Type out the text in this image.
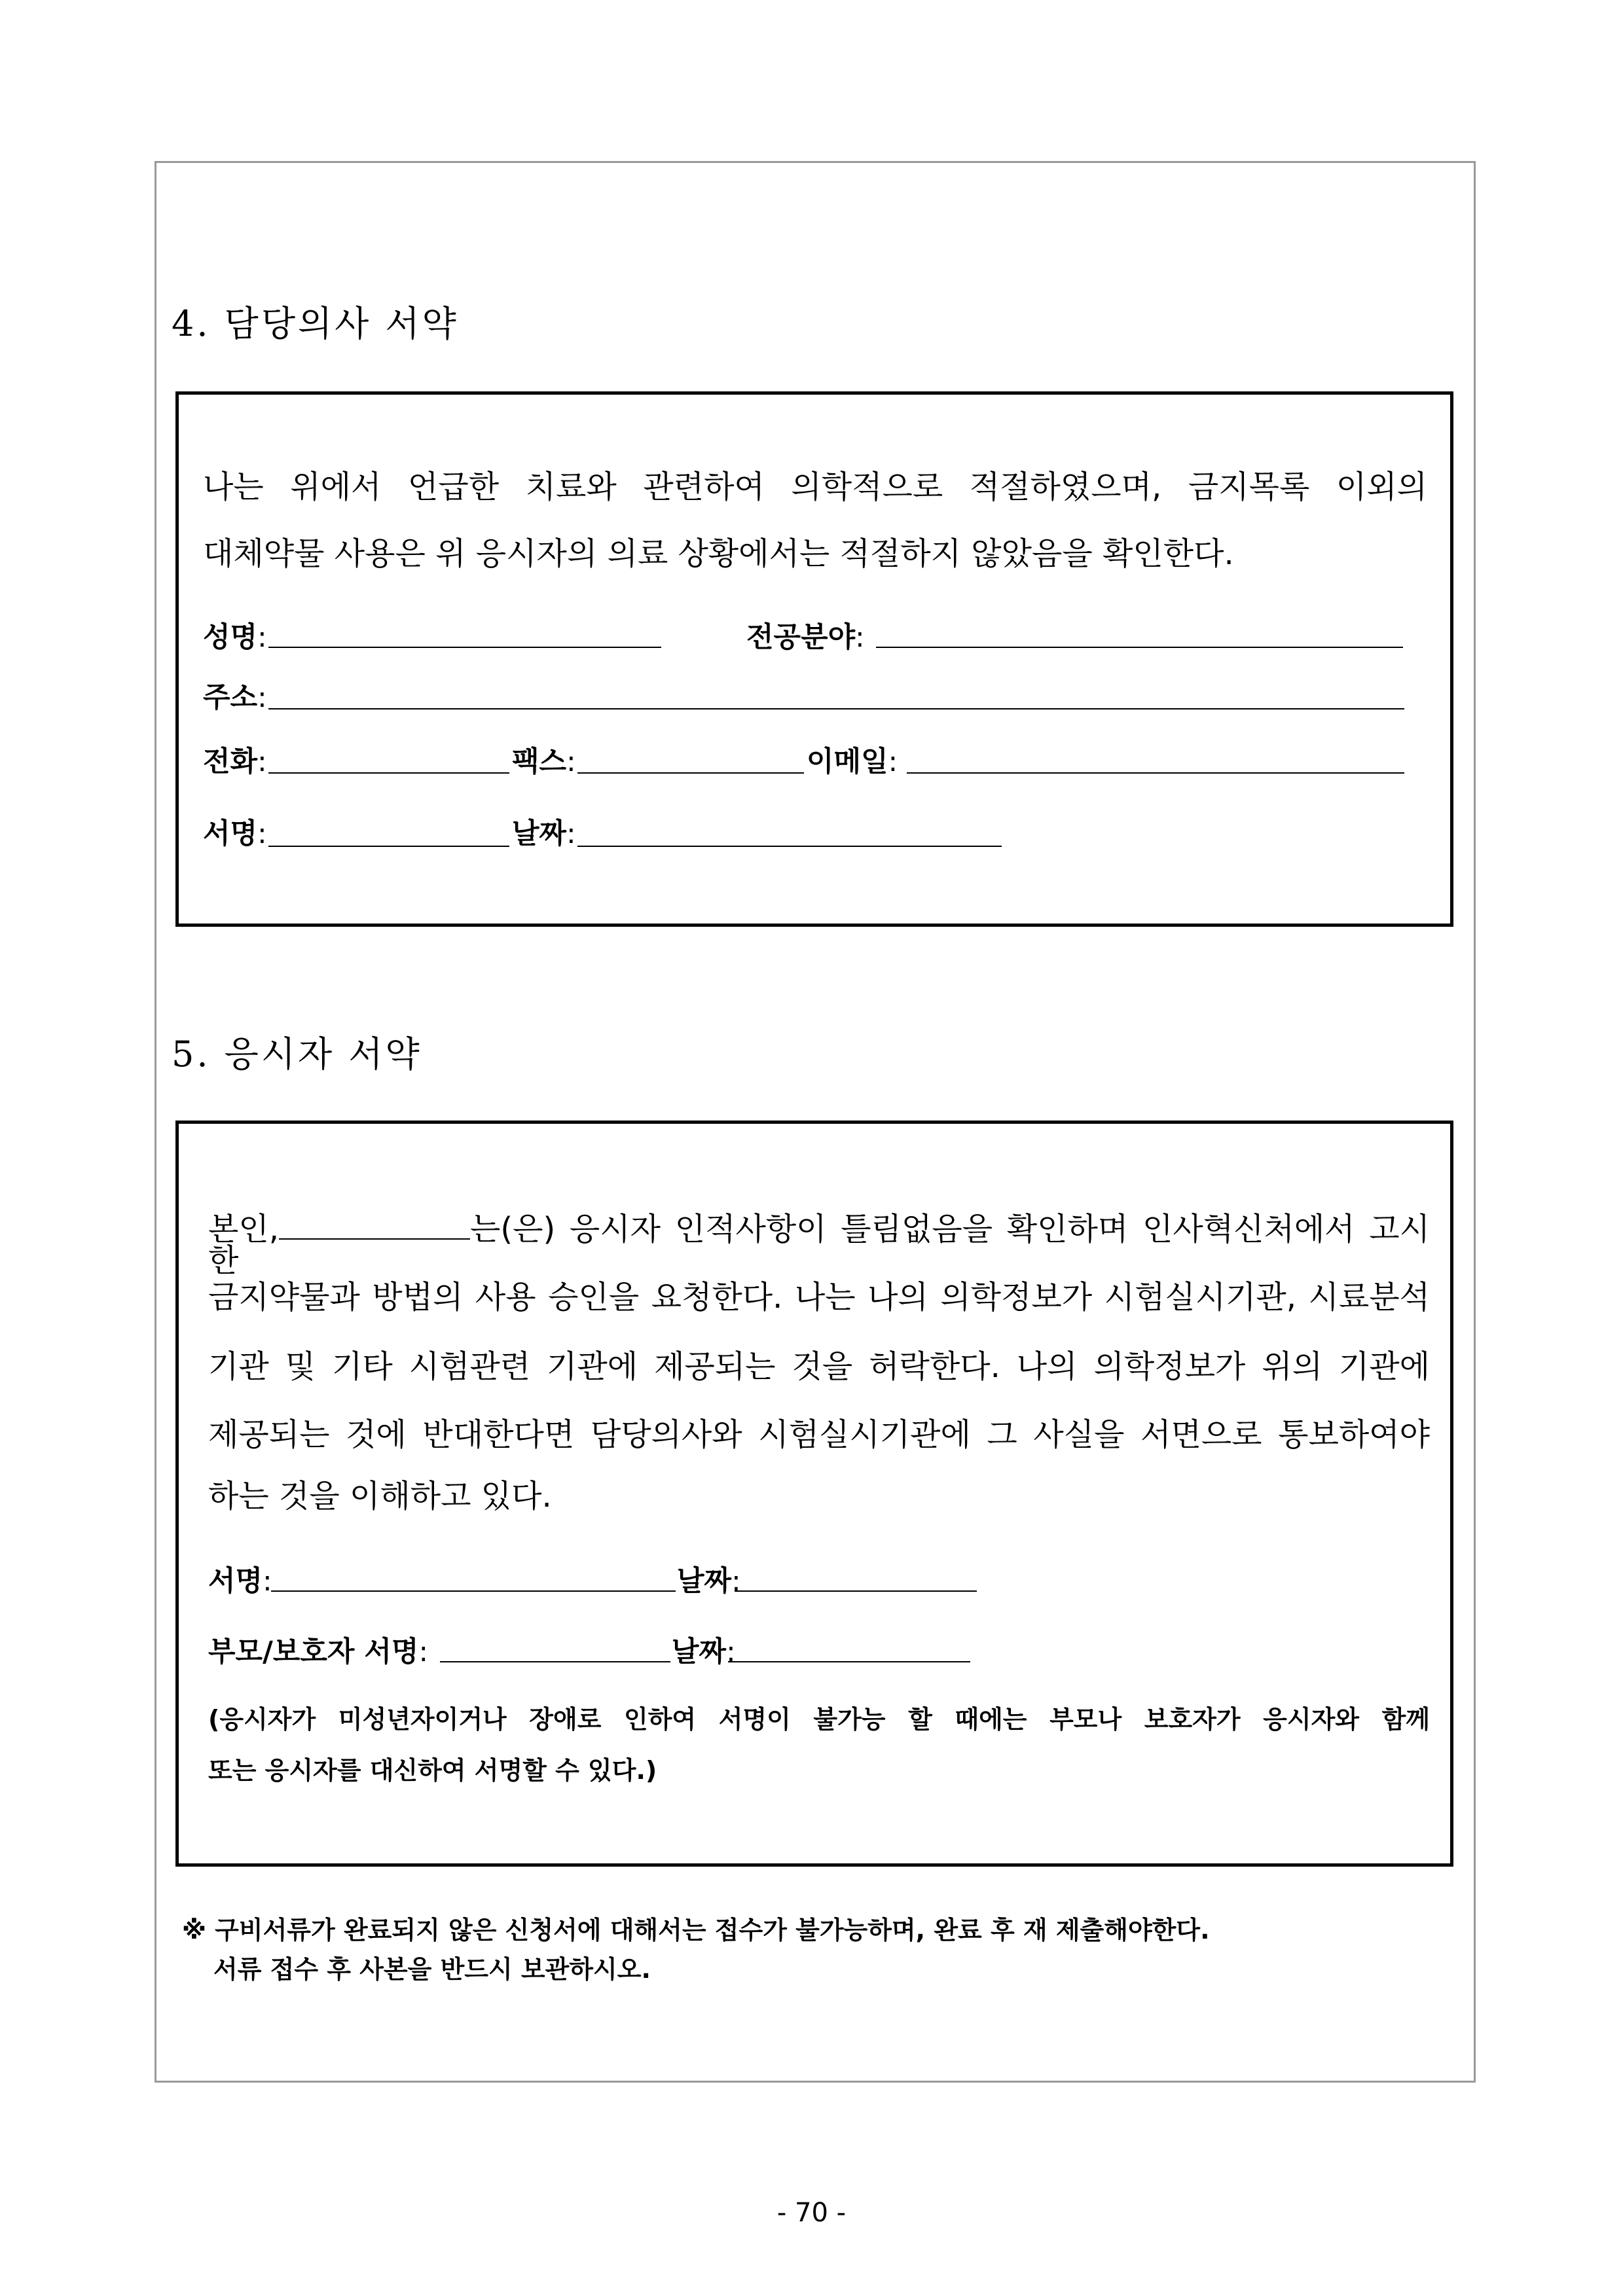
4. 담당의사 서약
나는 위에서 언급한 치료와 관련하여 의학적으로 적절하였으며, 금지목록 이외의
대체약물 사용은 위 응시자의 의료 상황에서는 적절하지 않았음을 확인한다.
성명:	전공분야:
주소:
전화:	팩스:	이메일:
서명:	날짜:
5. 응시자 서약
본인,	는(은) 응시자 인적사항이 틀림없음을 확인하며 인사혁신처에서 고시한
금지약물과 방법의 사용 승인을 요청한다. 나는 나의 의학정보가 시험실시기관, 시료분석
기관 및 기타 시험관련 기관에 제공되는 것을 허락한다. 나의 의학정보가 위의 기관에
제공되는 것에 반대한다면 담당의사와 시험실시기관에 그 사실을 서면으로 통보하여야
하는 것을 이해하고 있다.
서명:	날짜:
부모/보호자 서명:	날짜:
(응시자가 미성년자이거나 장애로 인하여 서명이 불가능 할 때에는 부모나 보호자가 응시자와 함께
또는 응시자를 대신하여 서명할 수 있다.)
※ 구비서류가 완료되지 않은 신청서에 대해서는 접수가 불가능하며, 완료 후 재 제출해야한다.
서류 접수 후 사본을 반드시 보관하시오.
- 70 -
